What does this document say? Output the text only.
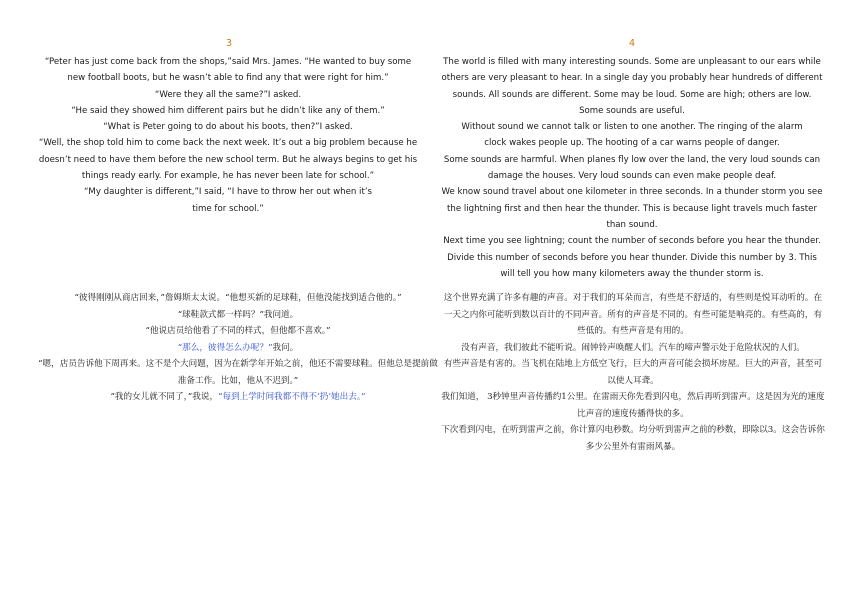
3	4

“Peter has just come back from the shops,”said Mrs. James. “He wanted to buy some new football boots, but he wasn’t able to find any that were right for him.”

“Were they all the same?”I asked.

“He said they showed him different pairs but he didn’t like any of them.”

“What is Peter going to do about his boots, then?”I asked.

“Well, the shop told him to come back the next week. It’s out a big problem because he doesn’t need to have them before the new school term. But he always begins to get his things ready early. For example, he has never been late for school.”

“My daughter is different,”I said, “I have to throw her out when it’s time for school.”

The world is filled with many interesting sounds. Some are unpleasant to our ears while others are very pleasant to hear. In a single day you probably hear hundreds of different sounds. All sounds are different. Some may be loud. Some are high; others are low. Some sounds are useful.

Without sound we cannot talk or listen to one another. The ringing of the alarm clock wakes people up. The hooting of a car warns people of danger.

Some sounds are harmful. When planes fly low over the land, the very loud sounds can damage the houses. Very loud sounds can even make people deaf.

We know sound travel about one kilometer in three seconds. In a thunder storm you see the lightning first and then hear the thunder. This is because light travels much faster than sound.

Next time you see lightning; count the number of seconds before you hear the thunder. Divide this number of seconds before you hear thunder. Divide this number by 3. This will tell you how many kilometers away the thunder storm is.

“彼得刚刚从商店回来，”詹姆斯太太说。“他想买新的足球鞋，但他没能找到适合他的。”

“球鞋款式都一样吗？”我问道。

“他说店员给他看了不同的样式，但他都不喜欢。”

“那么，彼得怎么办呢？”我问。

“嗯，店员告诉他下周再来。这不是个大问题，因为在新学年开始之前，他还不需要球鞋。但他总是提前做准备工作。比如，他从不迟到。”

“我的女儿就不同了，”我说，“每到上学时间我都不得不‘扔’她出去。”

这个世界充满了许多有趣的声音。对于我们的耳朵而言，有些是不舒适的，有些则是悦耳动听的。在一天之内你可能听到数以百计的不同声音。所有的声音是不同的。有些可能是响亮的。有些高的，有些低的。有些声音是有用的。

没有声音，我们彼此不能听说。闹钟铃声唤醒人们。汽车的啼声警示处于危险状况的人们。

有些声音是有害的。当飞机在陆地上方低空飞行，巨大的声音可能会损坏房屋。巨大的声音，甚至可以使人耳聋。

我们知道， 3秒钟里声音传播约1公里。在雷雨天你先看到闪电，然后再听到雷声。这是因为光的速度比声音的速度传播得快的多。

下次看到闪电，在听到雷声之前，你计算闪电秒数。均分听到雷声之前的秒数，即除以3。这会告诉你多少公里外有雷雨风暴。
